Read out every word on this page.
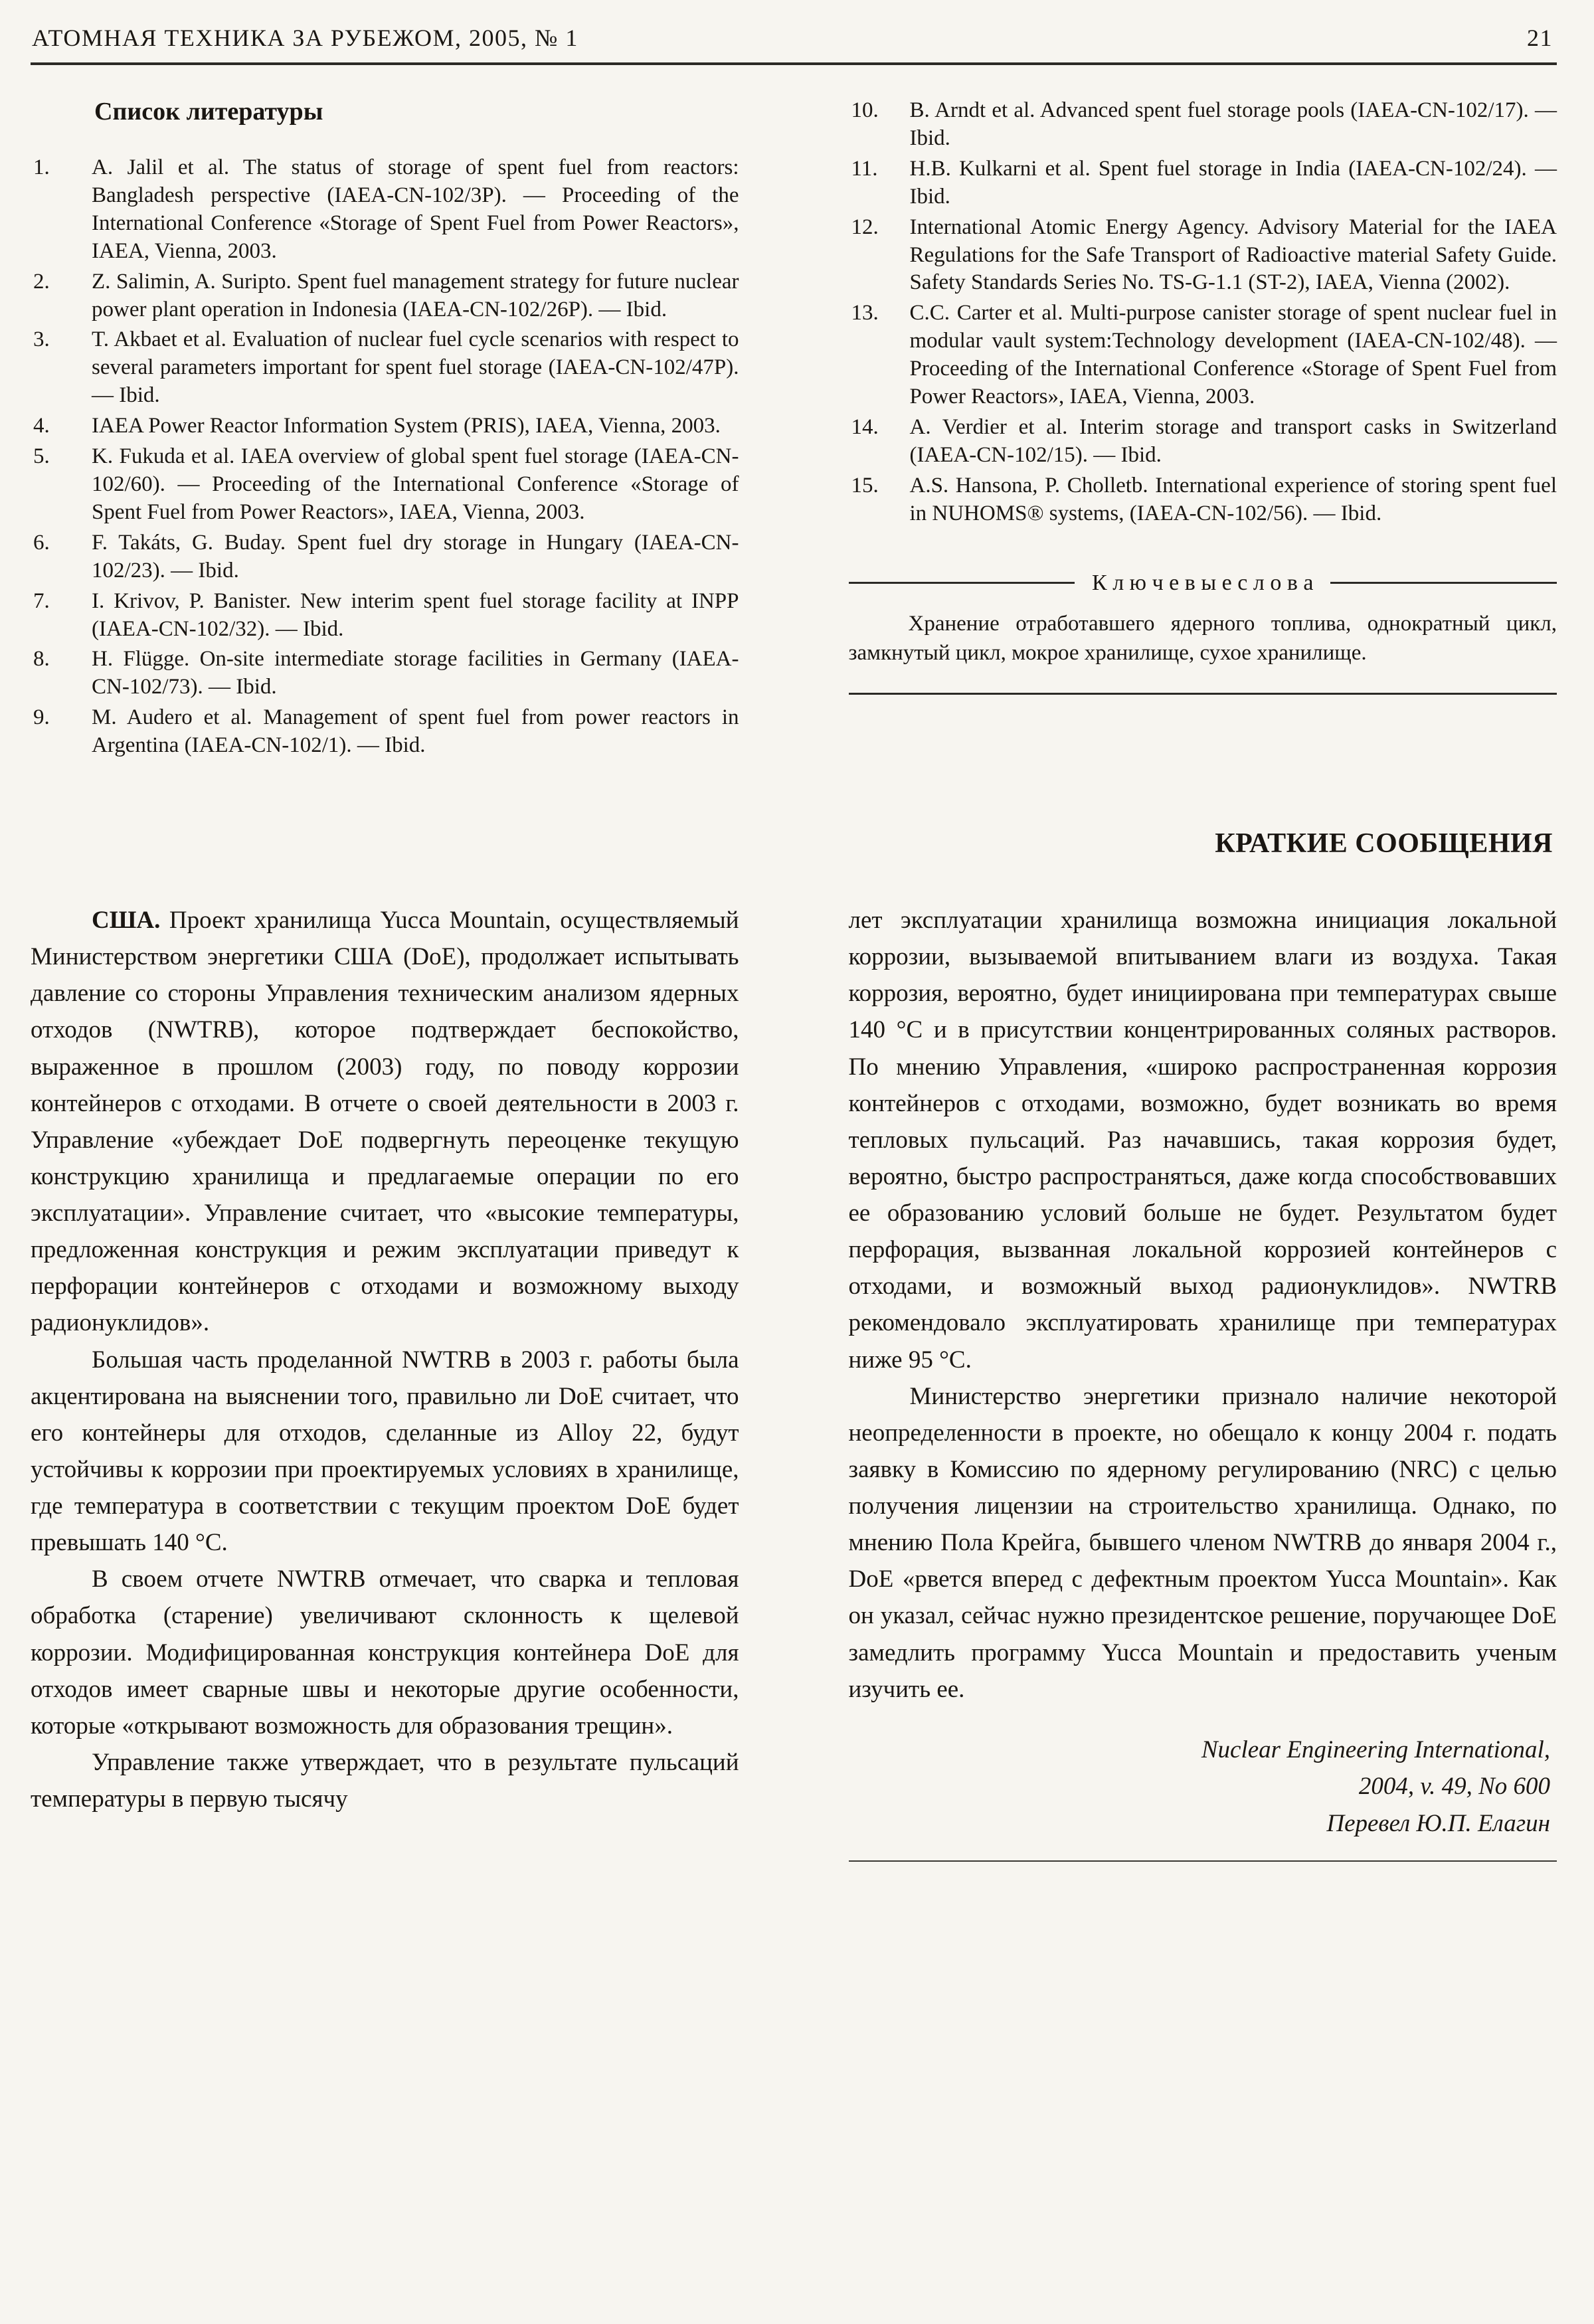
АТОМНАЯ ТЕХНИКА ЗА РУБЕЖОМ, 2005, № 1	21
Список литературы
1. A. Jalil et al. The status of storage of spent fuel from reactors: Bangladesh perspective (IAEA-CN-102/3P). — Proceeding of the International Conference «Storage of Spent Fuel from Power Reactors», IAEA, Vienna, 2003.
2. Z. Salimin, A. Suripto. Spent fuel management strategy for future nuclear power plant operation in Indonesia (IAEA-CN-102/26P). — Ibid.
3. T. Akbaet et al. Evaluation of nuclear fuel cycle scenarios with respect to several parameters important for spent fuel storage (IAEA-CN-102/47P). — Ibid.
4. IAEA Power Reactor Information System (PRIS), IAEA, Vienna, 2003.
5. K. Fukuda et al. IAEA overview of global spent fuel storage (IAEA-CN-102/60). — Proceeding of the International Conference «Storage of Spent Fuel from Power Reactors», IAEA, Vienna, 2003.
6. F. Takáts, G. Buday. Spent fuel dry storage in Hungary (IAEA-CN-102/23). — Ibid.
7. I. Krivov, P. Banister. New interim spent fuel storage facility at INPP (IAEA-CN-102/32). — Ibid.
8. H. Flügge. On-site intermediate storage facilities in Germany (IAEA-CN-102/73). — Ibid.
9. M. Audero et al. Management of spent fuel from power reactors in Argentina (IAEA-CN-102/1). — Ibid.
10. B. Arndt et al. Advanced spent fuel storage pools (IAEA-CN-102/17). — Ibid.
11. H.B. Kulkarni et al. Spent fuel storage in India (IAEA-CN-102/24). — Ibid.
12. International Atomic Energy Agency. Advisory Material for the IAEA Regulations for the Safe Transport of Radioactive material Safety Guide. Safety Standards Series No. TS-G-1.1 (ST-2), IAEA, Vienna (2002).
13. C.C. Carter et al. Multi-purpose canister storage of spent nuclear fuel in modular vault system:Technology development (IAEA-CN-102/48). — Proceeding of the International Conference «Storage of Spent Fuel from Power Reactors», IAEA, Vienna, 2003.
14. A. Verdier et al. Interim storage and transport casks in Switzerland (IAEA-CN-102/15). — Ibid.
15. A.S. Hansona, P. Cholletb. International experience of storing spent fuel in NUHOMS® systems, (IAEA-CN-102/56). — Ibid.
К л ю ч е в ы е с л о в а

Хранение отработавшего ядерного топлива, однократный цикл, замкнутый цикл, мокрое хранилище, сухое хранилище.

КРАТКИЕ СООБЩЕНИЯ

США. Проект хранилища Yucca Mountain, осуществляемый Министерством энергетики США (DoE), продолжает испытывать давление со стороны Управления техническим анализом ядерных отходов (NWTRB), которое подтверждает беспокойство, выраженное в прошлом (2003) году, по поводу коррозии контейнеров с отходами. В отчете о своей деятельности в 2003 г. Управление «убеждает DoE подвергнуть переоценке текущую конструкцию хранилища и предлагаемые операции по его эксплуатации». Управление считает, что «высокие температуры, предложенная конструкция и режим эксплуатации приведут к перфорации контейнеров с отходами и возможному выходу радионуклидов».

Большая часть проделанной NWTRB в 2003 г. работы была акцентирована на выяснении того, правильно ли DoE считает, что его контейнеры для отходов, сделанные из Alloy 22, будут устойчивы к коррозии при проектируемых условиях в хранилище, где температура в соответствии с текущим проектом DoE будет превышать 140 °С.

В своем отчете NWTRB отмечает, что сварка и тепловая обработка (старение) увеличивают склонность к щелевой коррозии. Модифицированная конструкция контейнера DoE для отходов имеет сварные швы и некоторые другие особенности, которые «открывают возможность для образования трещин».

Управление также утверждает, что в результате пульсаций температуры в первую тысячу

лет эксплуатации хранилища возможна инициация локальной коррозии, вызываемой впитыванием влаги из воздуха. Такая коррозия, вероятно, будет инициирована при температурах свыше 140 °С и в присутствии концентрированных соляных растворов. По мнению Управления, «широко распространенная коррозия контейнеров с отходами, возможно, будет возникать во время тепловых пульсаций. Раз начавшись, такая коррозия будет, вероятно, быстро распространяться, даже когда способствовавших ее образованию условий больше не будет. Результатом будет перфорация, вызванная локальной коррозией контейнеров с отходами, и возможный выход радионуклидов». NWTRB рекомендовало эксплуатировать хранилище при температурах ниже 95 °С.

Министерство энергетики признало наличие некоторой неопределенности в проекте, но обещало к концу 2004 г. подать заявку в Комиссию по ядерному регулированию (NRC) с целью получения лицензии на строительство хранилища. Однако, по мнению Пола Крейга, бывшего членом NWTRB до января 2004 г., DoE «рвется вперед с дефектным проектом Yucca Mountain». Как он указал, сейчас нужно президентское решение, поручающее DoE замедлить программу Yucca Mountain и предоставить ученым изучить ее.

Nuclear Engineering International,
2004, v. 49, No 600
Перевел Ю.П. Елагин
